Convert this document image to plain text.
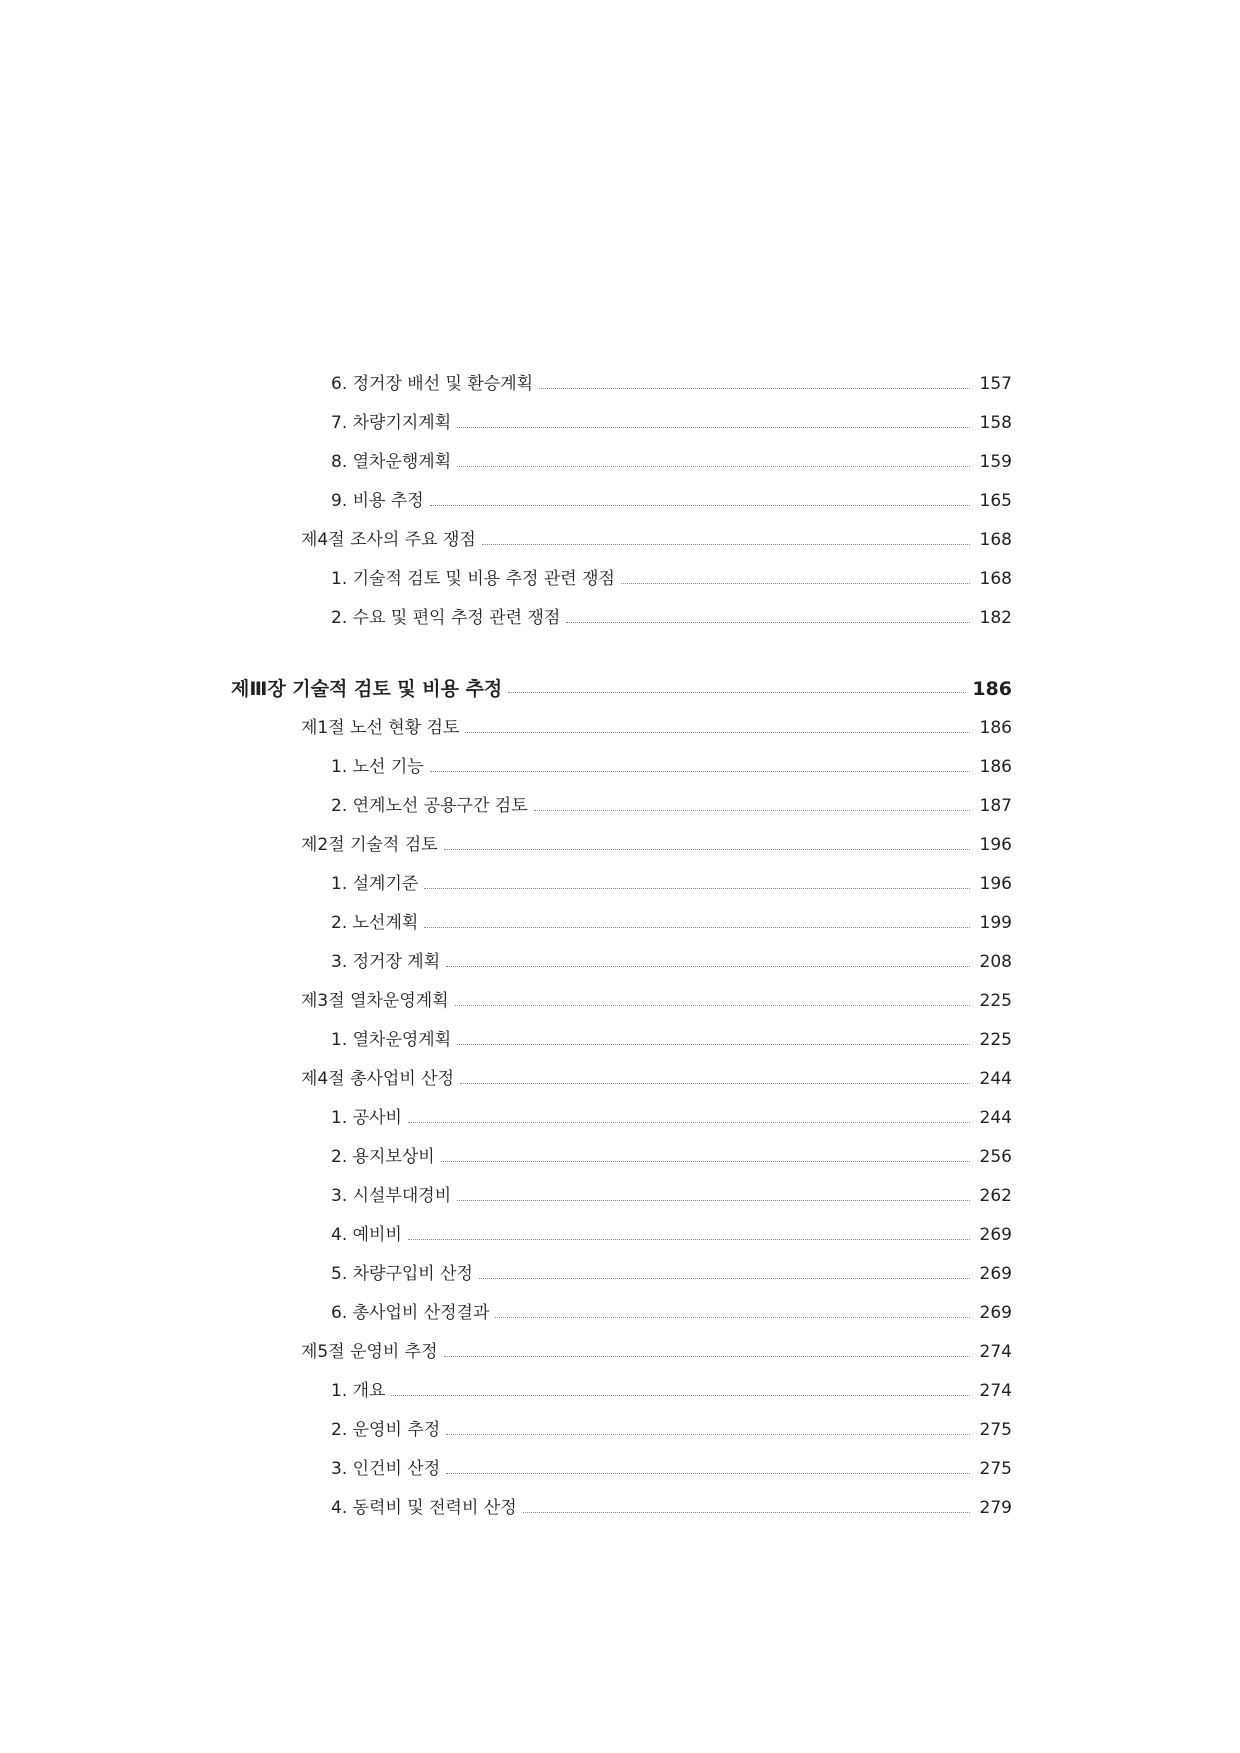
6. 정거장 배선 및 환승계획	157
7. 차량기지계획	158
8. 열차운행계획	159
9. 비용 추정	165
제4절 조사의 주요 쟁점	168
1. 기술적 검토 및 비용 추정 관련 쟁점	168
2. 수요 및 편익 추정 관련 쟁점	182
제Ⅲ장 기술적 검토 및 비용 추정	186
제1절 노선 현황 검토	186
1. 노선 기능	186
2. 연계노선 공용구간 검토	187
제2절 기술적 검토	196
1. 설계기준	196
2. 노선계획	199
3. 정거장 계획	208
제3절 열차운영계획	225
1. 열차운영계획	225
제4절 총사업비 산정	244
1. 공사비	244
2. 용지보상비	256
3. 시설부대경비	262
4. 예비비	269
5. 차량구입비 산정	269
6. 총사업비 산정결과	269
제5절 운영비 추정	274
1. 개요	274
2. 운영비 추정	275
3. 인건비 산정	275
4. 동력비 및 전력비 산정	279
